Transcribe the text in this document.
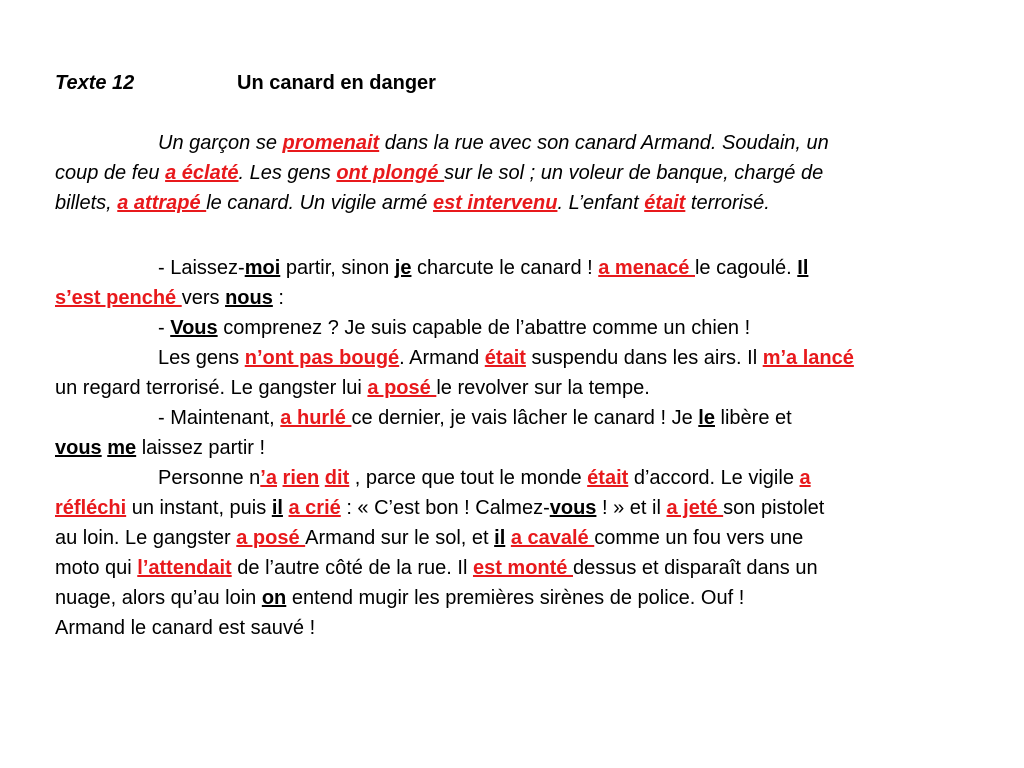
Texte 12	Un canard en danger
Un garçon se promenait dans la rue avec son canard Armand. Soudain, un
coup de feu a éclaté. Les gens ont plongé sur le sol ; un voleur de banque, chargé de
billets, a attrapé le canard. Un vigile armé est intervenu. L’enfant était terrorisé.
- Laissez-moi partir, sinon je charcute le canard ! a menacé le cagoulé. Il
s’est penché vers nous :
- Vous comprenez ? Je suis capable de l’abattre comme un chien !
Les gens n’ont pas bougé. Armand était suspendu dans les airs. Il m’a lancé
un regard terrorisé. Le gangster lui a posé le revolver sur la tempe.
- Maintenant, a hurlé ce dernier, je vais lâcher le canard ! Je le libère et
vous me laissez partir !
Personne n’a rien dit , parce que tout le monde était d’accord. Le vigile a
réfléchi un instant, puis il a crié : « C’est bon ! Calmez-vous ! » et il a jeté son pistolet
au loin. Le gangster a posé Armand sur le sol, et il a cavalé comme un fou vers une
moto qui l’attendait de l’autre côté de la rue. Il est monté dessus et disparaît dans un
nuage, alors qu’au loin on entend mugir les premières sirènes de police. Ouf !
Armand le canard est sauvé !
